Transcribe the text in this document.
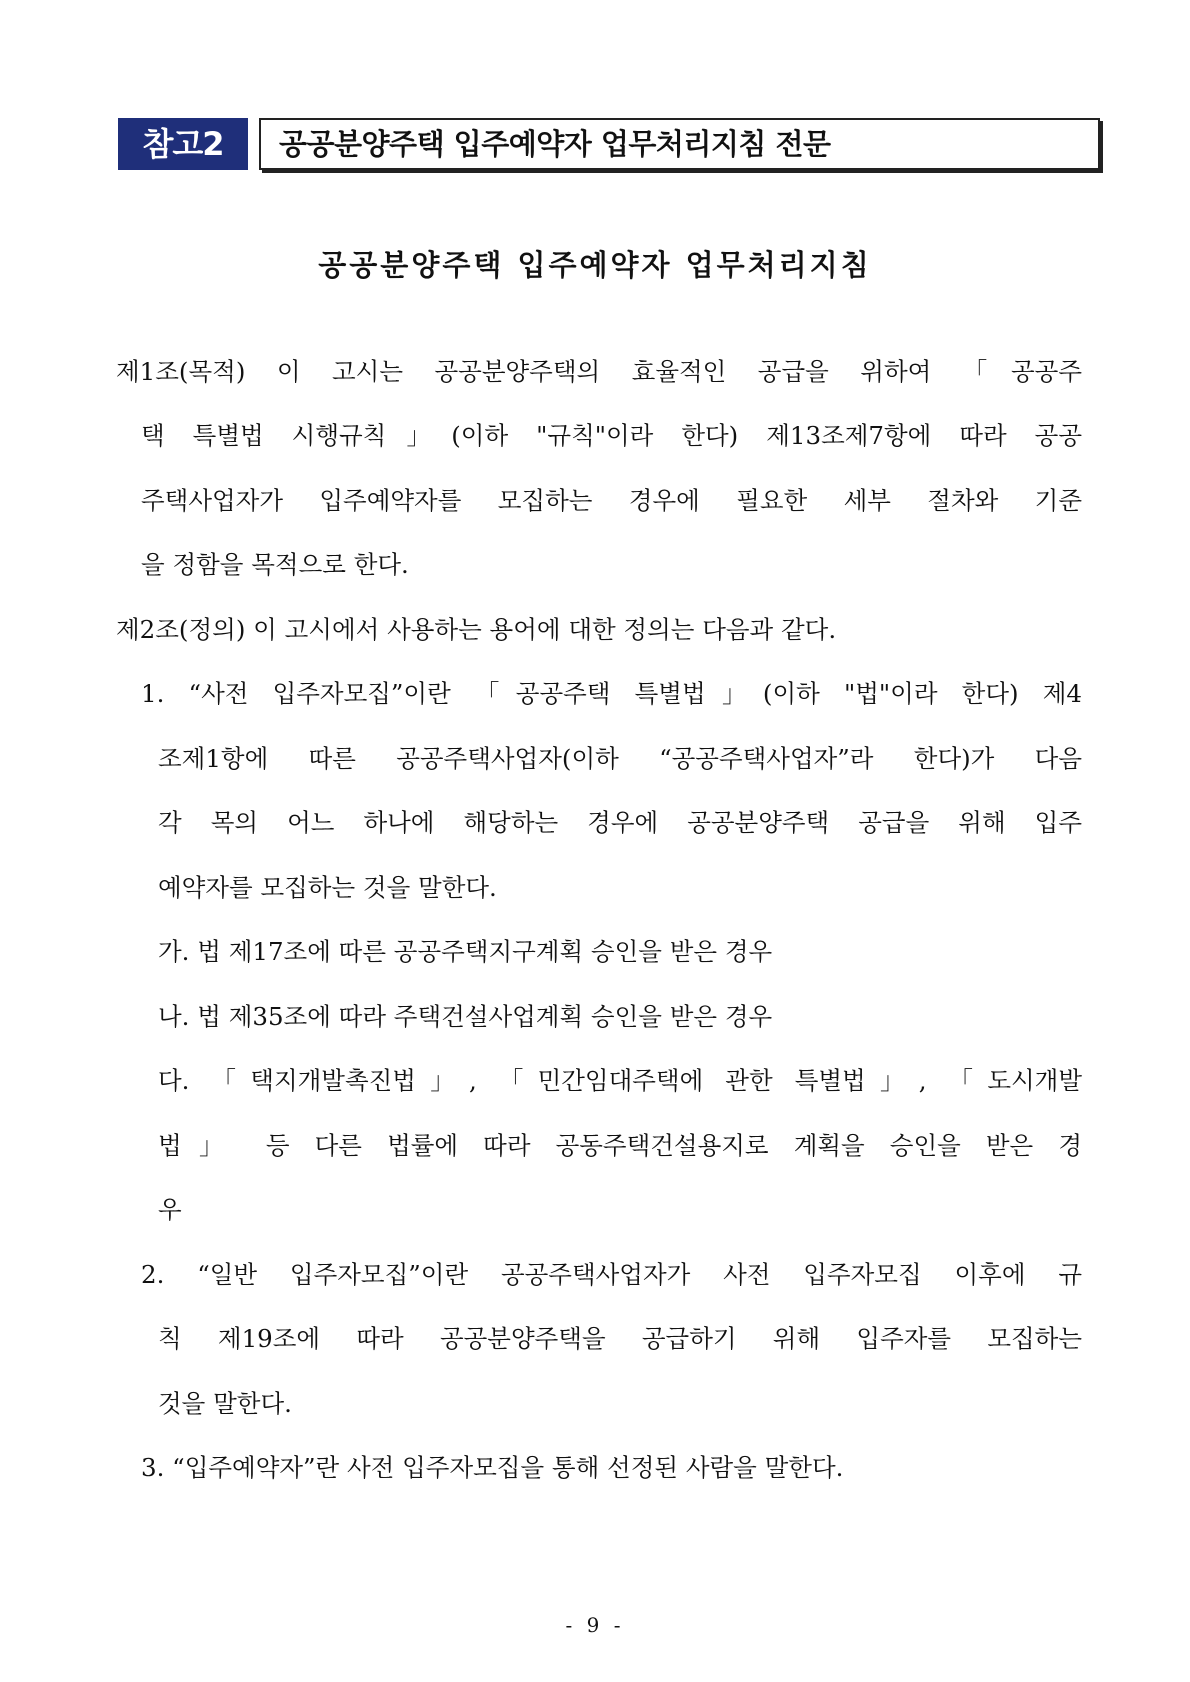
참고2	공공분양주택 입주예약자 업무처리지침 전문
공공분양주택 입주예약자 업무처리지침
제1조(목적) 이 고시는 공공분양주택의 효율적인 공급을 위하여 「공공주
택 특별법 시행규칙」(이하 "규칙"이라 한다) 제13조제7항에 따라 공공
주택사업자가 입주예약자를 모집하는 경우에 필요한 세부 절차와 기준
을 정함을 목적으로 한다.
제2조(정의) 이 고시에서 사용하는 용어에 대한 정의는 다음과 같다.
1. “사전 입주자모집”이란 「공공주택 특별법」(이하 "법"이라 한다) 제4
조제1항에 따른 공공주택사업자(이하 “공공주택사업자”라 한다)가 다음
각 목의 어느 하나에 해당하는 경우에 공공분양주택 공급을 위해 입주
예약자를 모집하는 것을 말한다.
가. 법 제17조에 따른 공공주택지구계획 승인을 받은 경우
나. 법 제35조에 따라 주택건설사업계획 승인을 받은 경우
다. 「택지개발촉진법」, 「민간임대주택에 관한 특별법」, 「도시개발
법」 등 다른 법률에 따라 공동주택건설용지로 계획을 승인을 받은 경
우
2. “일반 입주자모집”이란 공공주택사업자가 사전 입주자모집 이후에 규
칙 제19조에 따라 공공분양주택을 공급하기 위해 입주자를 모집하는
것을 말한다.
3. “입주예약자”란 사전 입주자모집을 통해 선정된 사람을 말한다.
- 9 -
